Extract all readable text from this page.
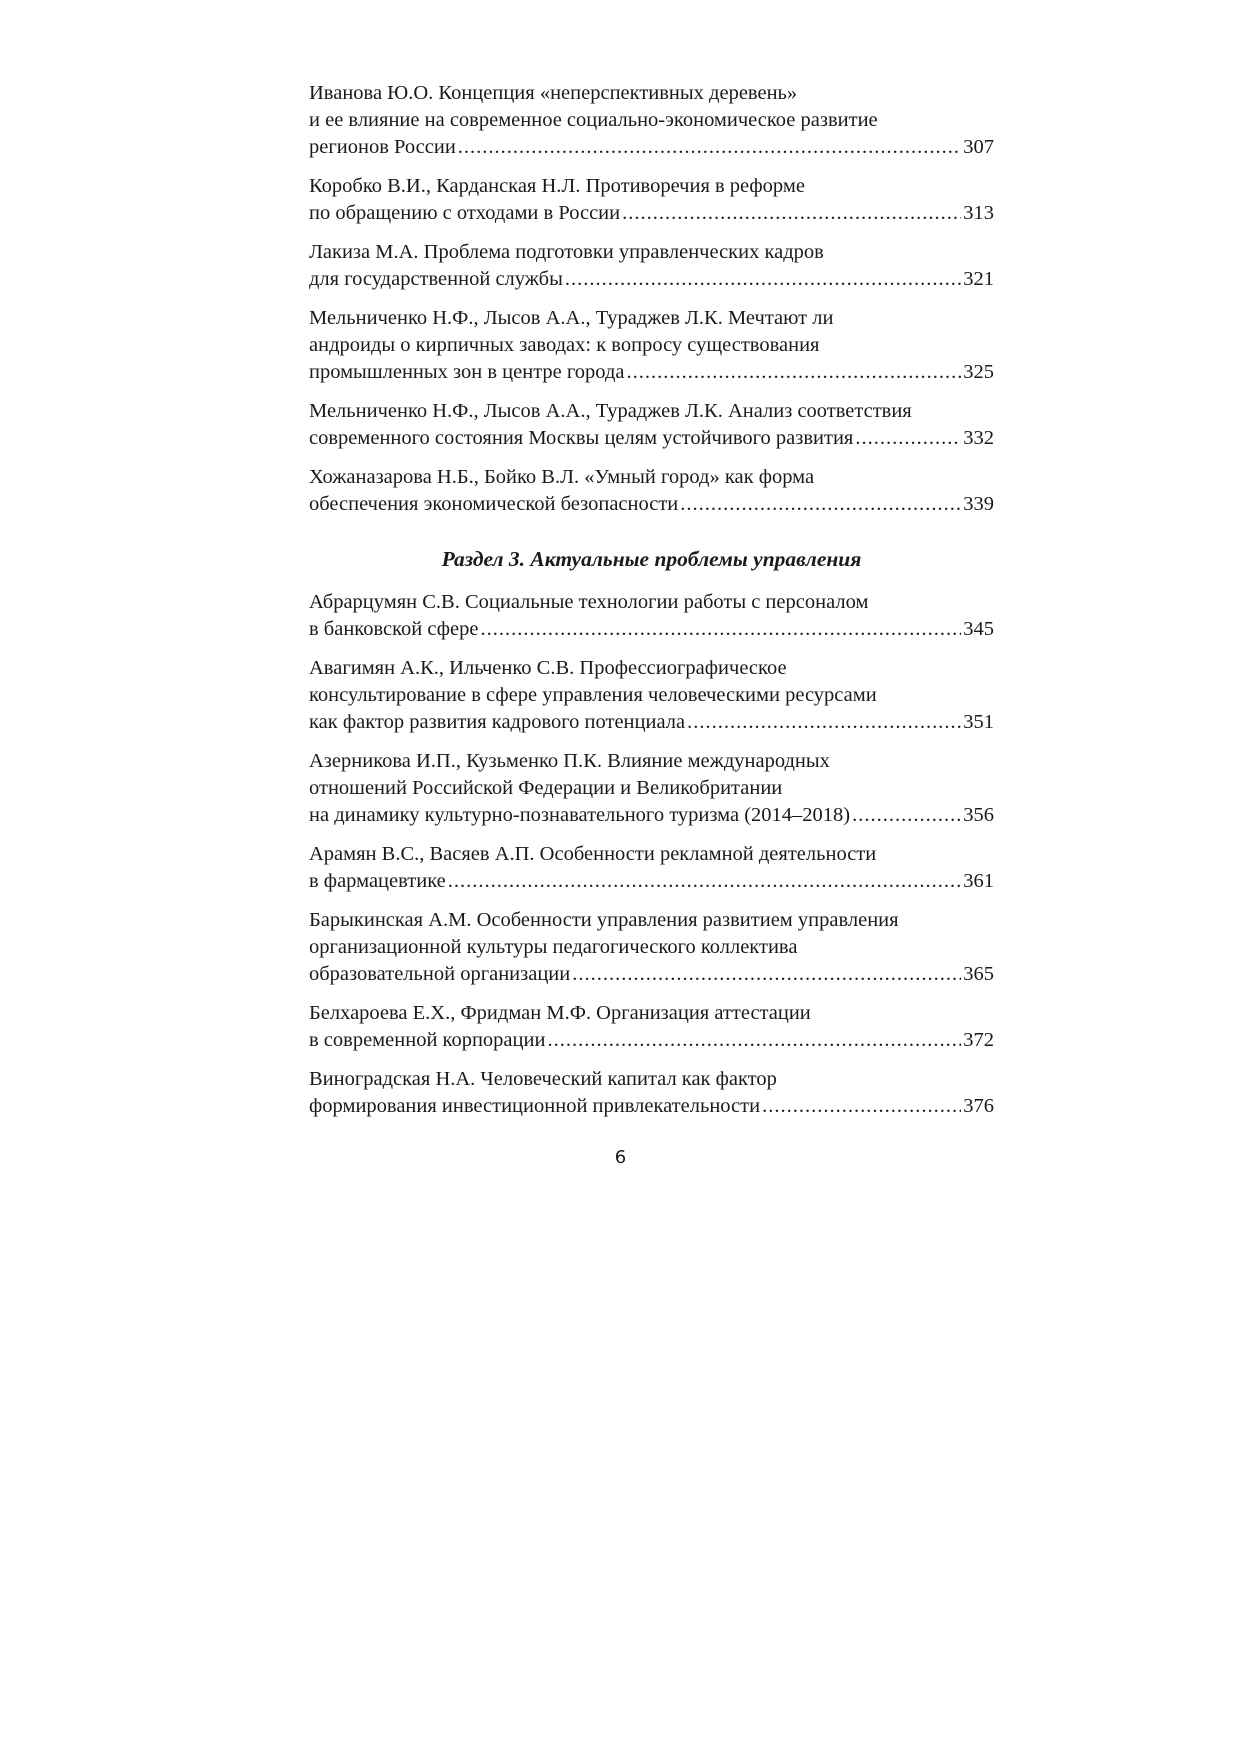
Иванова Ю.О. Концепция «неперспективных деревень»
и ее влияние на современное социально-экономическое развитие
регионов России .....	307
Коробко В.И., Карданская Н.Л. Противоречия в реформе
по обращению с отходами в России .....	313
Лакиза М.А. Проблема подготовки управленческих кадров
для государственной службы .....	321
Мельниченко Н.Ф., Лысов А.А., Тураджев Л.К. Мечтают ли
андроиды о кирпичных заводах: к вопросу существования
промышленных зон в центре города .....	325
Мельниченко Н.Ф., Лысов А.А., Тураджев Л.К. Анализ соответствия
современного состояния Москвы целям устойчивого развития .....	332
Хожаназарова Н.Б., Бойко В.Л. «Умный город» как форма
обеспечения экономической безопасности .....	339
Раздел 3. Актуальные проблемы управления
Абрарцумян С.В. Социальные технологии работы с персоналом
в банковской сфере .....	345
Авагимян А.К., Ильченко С.В. Профессиографическое
консультирование в сфере управления человеческими ресурсами
как фактор развития кадрового потенциала .....	351
Азерникова И.П., Кузьменко П.К. Влияние международных
отношений Российской Федерации и Великобритании
на динамику культурно-познавательного туризма (2014–2018) .....	356
Арамян В.С., Васяев А.П. Особенности рекламной деятельности
в фармацевтике .....	361
Барыкинская А.М. Особенности управления развитием управления
организационной культуры педагогического коллектива
образовательной организации .....	365
Белхароева Е.Х., Фридман М.Ф. Организация аттестации
в современной корпорации .....	372
Виноградская Н.А. Человеческий капитал как фактор
формирования инвестиционной привлекательности .....	376
6
